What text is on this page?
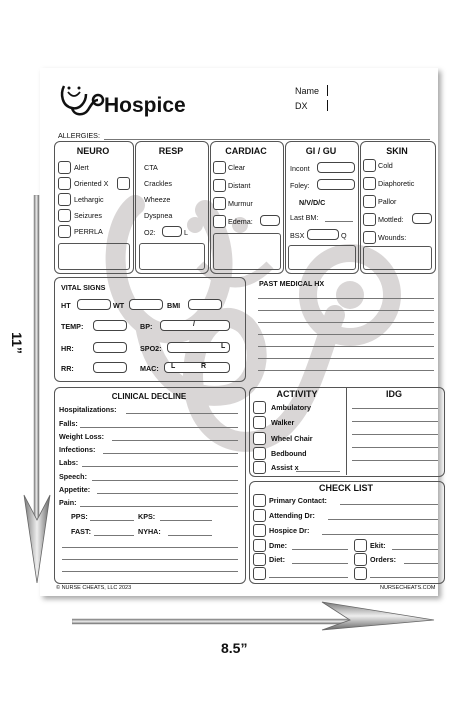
Hospice
Name
DX
ALLERGIES:
NEURO
Alert
Oriented X
Lethargic
Seizures
PERRLA
RESP
CTA
Crackles
Wheeze
Dyspnea
O2:	L
CARDIAC
Clear
Distant
Murmur
Edema:
GI / GU
Incont
Foley:
N/V/D/C
Last BM:
BSX	Q
SKIN
Cold
Diaphoretic
Pallor
Mottled:
Wounds:
VITAL SIGNS
HT	WT	BMI
TEMP:	BP:	/
HR:	SPO2:	L
RR:	MAC: L	R
PAST MEDICAL HX
CLINICAL DECLINE
Hospitalizations:
Falls:
Weight Loss:
Infections:
Labs:
Speech:
Appetite:
Pain:
PPS:	KPS:
FAST:	NYHA:
ACTIVITY	IDG
Ambulatory
Walker
Wheel Chair
Bedbound
Assist x
CHECK LIST
Primary Contact:
Attending Dr:
Hospice Dr:
Dme:	Ekit:
Diet:	Orders:
© NURSE CHEATS, LLC 2023	NURSECHEATS.COM
11”
8.5”
